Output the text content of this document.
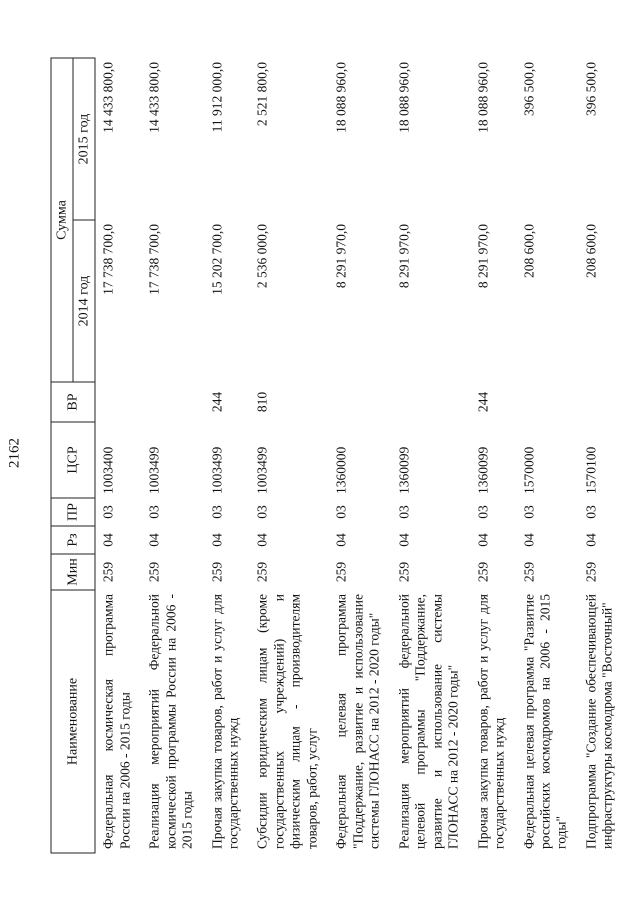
2162
Наименование	Мин	Рз	ПР	ЦСР	ВР	Сумма	
						2014 год	2015 год
Федеральная космическая программа России на 2006 - 2015 годы	259	04	03	1003400		17 738 700,0	14 433 800,0
Реализация мероприятий Федеральной космической программы России на 2006 - 2015 годы	259	04	03	1003499		17 738 700,0	14 433 800,0
Прочая закупка товаров, работ и услуг для государственных нужд	259	04	03	1003499	244	15 202 700,0	11 912 000,0
Субсидии юридическим лицам (кроме государственных учреждений) и физическим лицам - производителям товаров, работ, услуг	259	04	03	1003499	810	2 536 000,0	2 521 800,0
Федеральная целевая программа "Поддержание, развитие и использование системы ГЛОНАСС на 2012 - 2020 годы"	259	04	03	1360000		8 291 970,0	18 088 960,0
Реализация мероприятий федеральной целевой программы "Поддержание, развитие и использование системы ГЛОНАСС на 2012 - 2020 годы"	259	04	03	1360099		8 291 970,0	18 088 960,0
Прочая закупка товаров, работ и услуг для государственных нужд	259	04	03	1360099	244	8 291 970,0	18 088 960,0
Федеральная целевая программа "Развитие российских космодромов на 2006 - 2015 годы"	259	04	03	1570000		208 600,0	396 500,0
Подпрограмма "Создание обеспечивающей инфраструктуры космодрома "Восточный"	259	04	03	1570100		208 600,0	396 500,0
